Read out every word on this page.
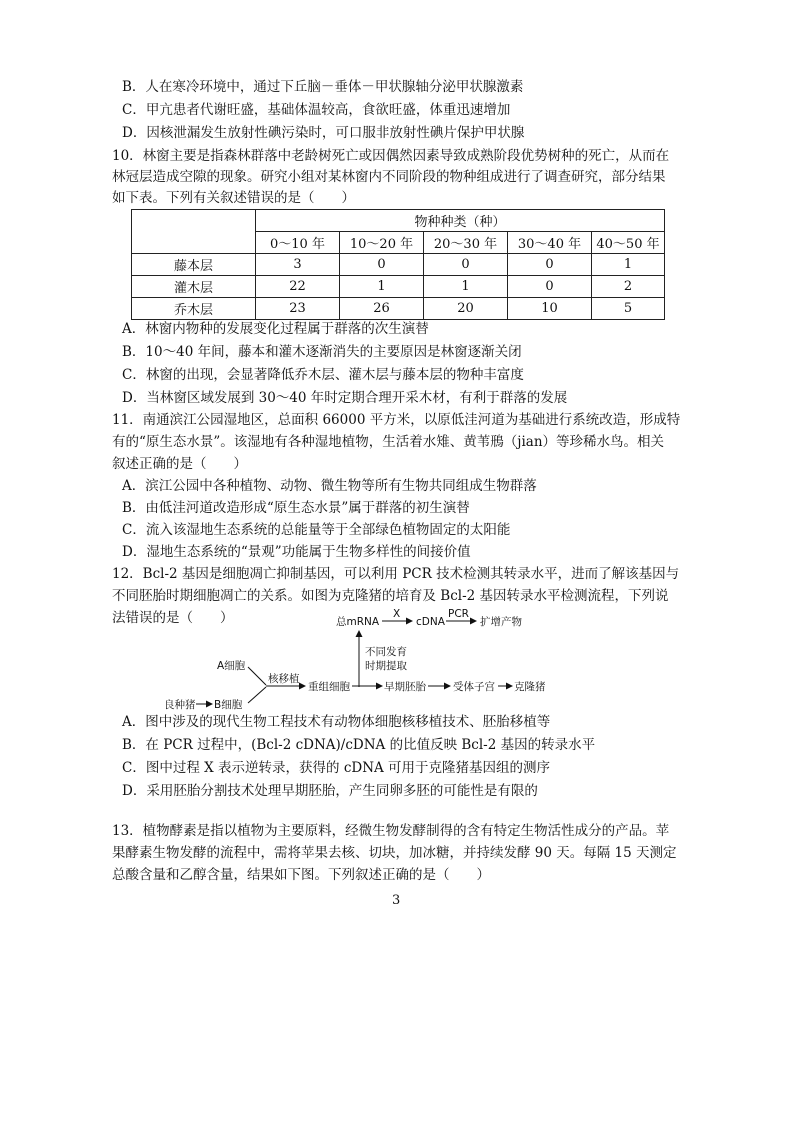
B．人在寒冷环境中，通过下丘脑－垂体－甲状腺轴分泌甲状腺激素
C．甲亢患者代谢旺盛，基础体温较高，食欲旺盛，体重迅速增加
D．因核泄漏发生放射性碘污染时，可口服非放射性碘片保护甲状腺
10．林窗主要是指森林群落中老龄树死亡或因偶然因素导致成熟阶段优势树种的死亡，从而在
林冠层造成空隙的现象。研究小组对某林窗内不同阶段的物种组成进行了调查研究，部分结果
如下表。下列有关叙述错误的是（　　）
	物种种类（种）				
	0～10 年	10～20 年	20～30 年	30～40 年	40～50 年
藤本层	3	0	0	0	1
灌木层	22	1	1	0	2
乔木层	23	26	20	10	5
A．林窗内物种的发展变化过程属于群落的次生演替
B．10～40 年间，藤本和灌木逐渐消失的主要原因是林窗逐渐关闭
C．林窗的出现，会显著降低乔木层、灌木层与藤本层的物种丰富度
D．当林窗区域发展到 30～40 年时定期合理开采木材，有利于群落的发展
11．南通滨江公园湿地区，总面积 66000 平方米，以原低洼河道为基础进行系统改造，形成特
有的“原生态水景”。该湿地有各种湿地植物，生活着水雉、黄苇鳽（jian）等珍稀水鸟。相关
叙述正确的是（　　）
A．滨江公园中各种植物、动物、微生物等所有生物共同组成生物群落
B．由低洼河道改造形成“原生态水景”属于群落的初生演替
C．流入该湿地生态系统的总能量等于全部绿色植物固定的太阳能
D．湿地生态系统的“景观”功能属于生物多样性的间接价值
12．Bcl-2 基因是细胞凋亡抑制基因，可以利用 PCR 技术检测其转录水平，进而了解该基因与
不同胚胎时期细胞凋亡的关系。如图为克隆猪的培育及 Bcl-2 基因转录水平检测流程，下列说
法错误的是（　　）	总mRNA
X
cDNA
PCR
扩增产物
不同发育
时期提取
A细胞
良种猪 B细胞
核移植
重组细胞	早期胚胎	受体子宫 克隆猪
A．图中涉及的现代生物工程技术有动物体细胞核移植技术、胚胎移植等
B．在 PCR 过程中，(Bcl-2 cDNA)/cDNA 的比值反映 Bcl-2 基因的转录水平
C．图中过程 X 表示逆转录，获得的 cDNA 可用于克隆猪基因组的测序
D．采用胚胎分割技术处理早期胚胎，产生同卵多胚的可能性是有限的
13．植物酵素是指以植物为主要原料，经微生物发酵制得的含有特定生物活性成分的产品。苹
果酵素生物发酵的流程中，需将苹果去核、切块，加冰糖，并持续发酵 90 天。每隔 15 天测定
总酸含量和乙醇含量，结果如下图。下列叙述正确的是（　　）
3
